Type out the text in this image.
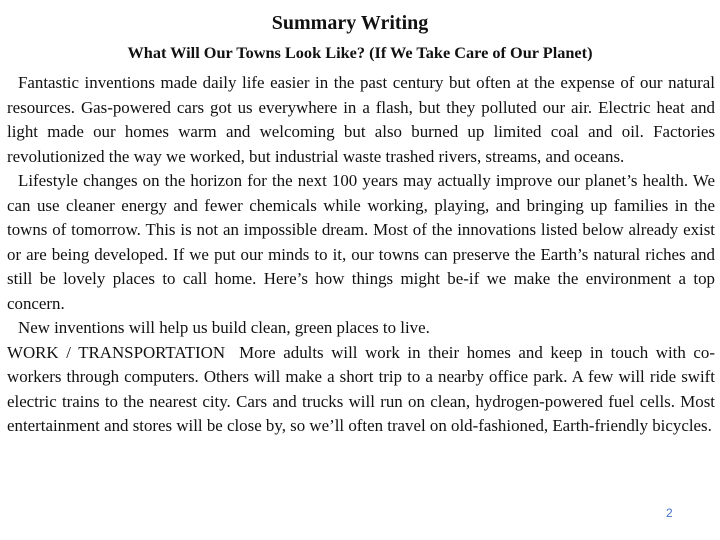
Summary Writing
What Will Our Towns Look Like? (If We Take Care of Our Planet)

Fantastic inventions made daily life easier in the past century but often at the expense of our natural resources. Gas-powered cars got us everywhere in a flash, but they polluted our air. Electric heat and light made our homes warm and welcoming but also burned up limited coal and oil. Factories revolutionized the way we worked, but industrial waste trashed rivers, streams, and oceans.

Lifestyle changes on the horizon for the next 100 years may actually improve our planet’s health. We can use cleaner energy and fewer chemicals while working, playing, and bringing up families in the towns of tomorrow. This is not an impossible dream. Most of the innovations listed below already exist or are being developed. If we put our minds to it, our towns can preserve the Earth’s natural riches and still be lovely places to call home. Here’s how things might be-if we make the environment a top concern.

New inventions will help us build clean, green places to live.

WORK / TRANSPORTATION More adults will work in their homes and keep in touch with co-workers through computers. Others will make a short trip to a nearby office park. A few will ride swift electric trains to the nearest city. Cars and trucks will run on clean, hydrogen-powered fuel cells. Most entertainment and stores will be close by, so we’ll often travel on old-fashioned, Earth-friendly bicycles.

2
